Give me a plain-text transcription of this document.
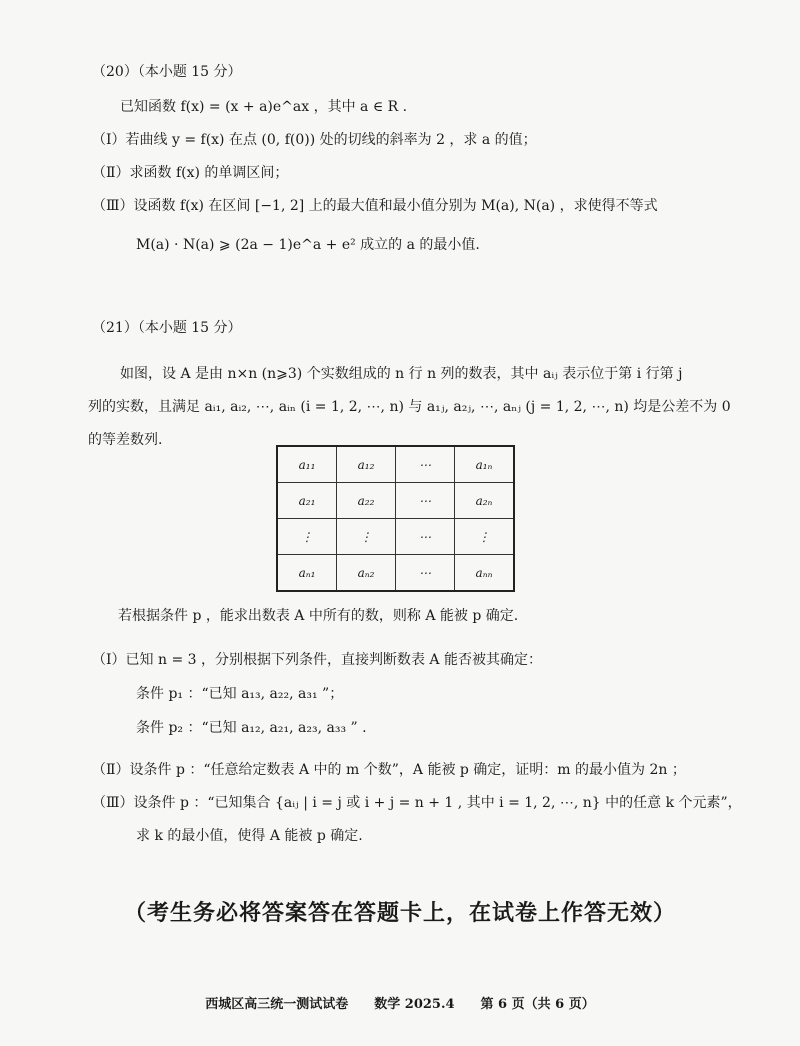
（20）（本小题 15 分）
已知函数 f(x) = (x + a)e^ax ，其中 a ∈ R .
（Ⅰ）若曲线 y = f(x) 在点 (0, f(0)) 处的切线的斜率为 2 ，求 a 的值；
（Ⅱ）求函数 f(x) 的单调区间；
（Ⅲ）设函数 f(x) 在区间 [−1, 2] 上的最大值和最小值分别为 M(a), N(a) ，求使得不等式
M(a) · N(a) ⩾ (2a − 1)e^a + e² 成立的 a 的最小值.
（21）（本小题 15 分）
如图，设 A 是由 n×n (n⩾3) 个实数组成的 n 行 n 列的数表，其中 aᵢⱼ 表示位于第 i 行第 j
列的实数，且满足 aᵢ₁, aᵢ₂, ⋯, aᵢₙ (i = 1, 2, ⋯, n) 与 a₁ⱼ, a₂ⱼ, ⋯, aₙⱼ (j = 1, 2, ⋯, n) 均是公差不为 0
的等差数列.
a₁₁	a₁₂	⋯	a₁ₙ
a₂₁	a₂₂	⋯	a₂ₙ
⋮	⋮	⋯	⋮
aₙ₁	aₙ₂	⋯	aₙₙ
若根据条件 p ，能求出数表 A 中所有的数，则称 A 能被 p 确定.
（Ⅰ）已知 n = 3 ，分别根据下列条件，直接判断数表 A 能否被其确定：
条件 p₁ ：“已知 a₁₃, a₂₂, a₃₁ ”；
条件 p₂ ：“已知 a₁₂, a₂₁, a₂₃, a₃₃ ” .
（Ⅱ）设条件 p ：“任意给定数表 A 中的 m 个数”，A 能被 p 确定，证明：m 的最小值为 2n ；
（Ⅲ）设条件 p ：“已知集合 {aᵢⱼ | i = j 或 i + j = n + 1 , 其中 i = 1, 2, ⋯, n} 中的任意 k 个元素”，
求 k 的最小值，使得 A 能被 p 确定.
（考生务必将答案答在答题卡上，在试卷上作答无效）
西城区高三统一测试试卷　　数学 2025.4　　第 6 页（共 6 页）
